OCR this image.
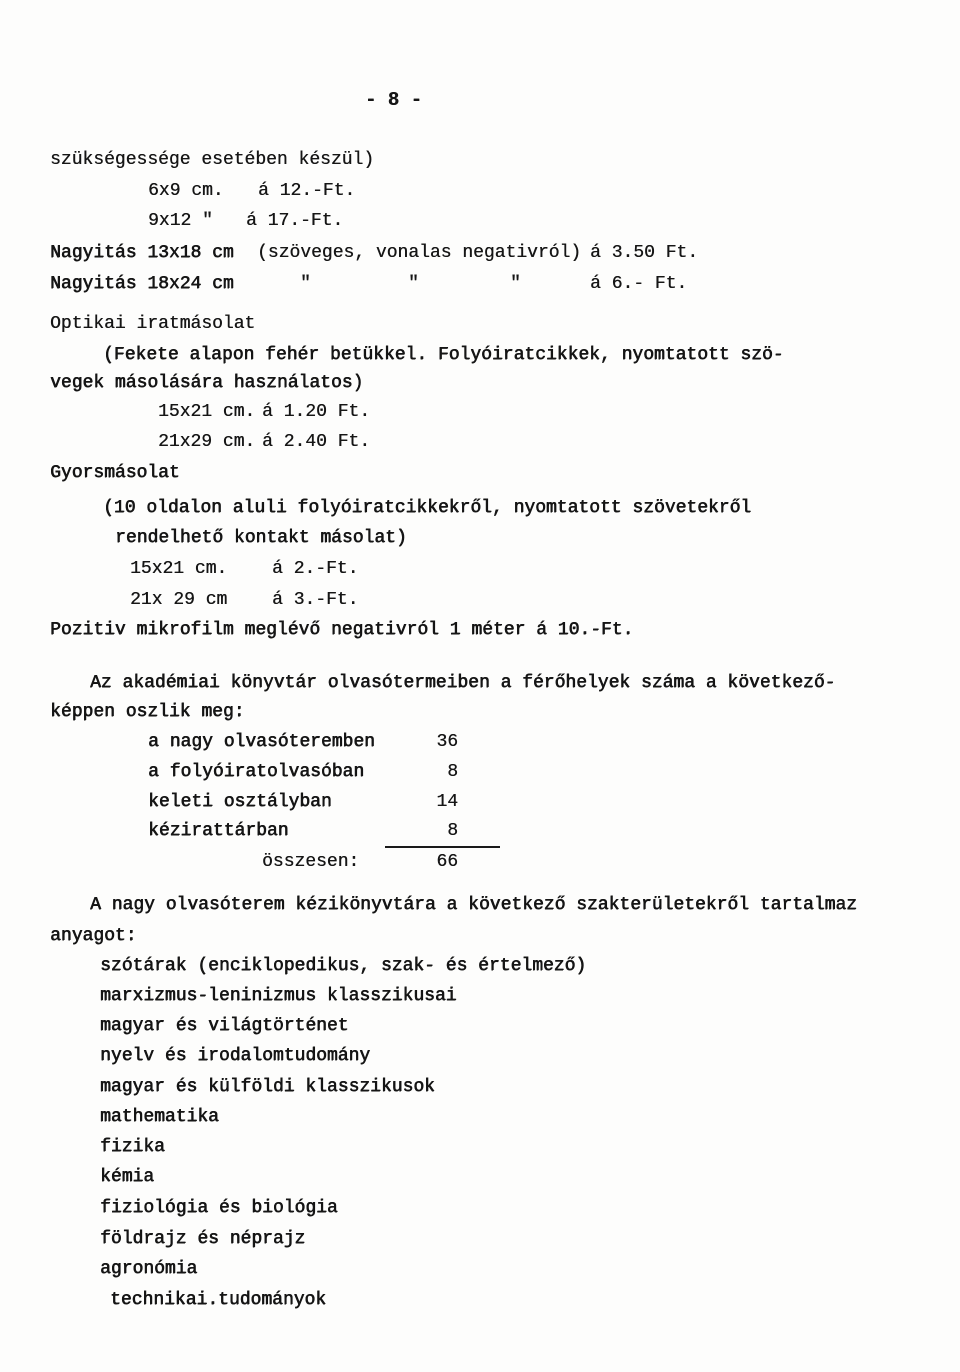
- 8 -
szükségessége esetében készül)
6x9 cm. á 12.-Ft.
9x12 " á 17.-Ft.
Nagyitás 13x18 cm (szöveges, vonalas negativról) á 3.50 Ft.
Nagyitás 18x24 cm	"	"	"	á 6.- Ft.
Optikai iratmásolat
(Fekete alapon fehér betükkel. Folyóiratcikkek, nyomtatott szö-
vegek másolására használatos)
15x21 cm. á 1.20 Ft.
21x29 cm. á 2.40 Ft.
Gyorsmásolat
(10 oldalon aluli folyóiratcikkekről, nyomtatott szövetekről
rendelhető kontakt másolat)
15x21 cm. á 2.-Ft.
21x 29 cm á 3.-Ft.
Pozitiv mikrofilm meglévő negativról 1 méter á 10.-Ft.
Az akadémiai könyvtár olvasótermeiben a férőhelyek száma a következő-
képpen oszlik meg:
a nagy olvasóteremben	36
a folyóiratolvasóban	8
keleti osztályban	14
kézirattárban	8
összesen:	66
A nagy olvasóterem kézikönyvtára a következő szakterületekről tartalmaz
anyagot:
szótárak (enciklopedikus, szak- és értelmező)
marxizmus-leninizmus klasszikusai
magyar és világtörténet
nyelv és irodalomtudomány
magyar és külföldi klasszikusok
mathematika
fizika
kémia
fiziológia és biológia
földrajz és néprajz
agronómia
technikai.tudományok
